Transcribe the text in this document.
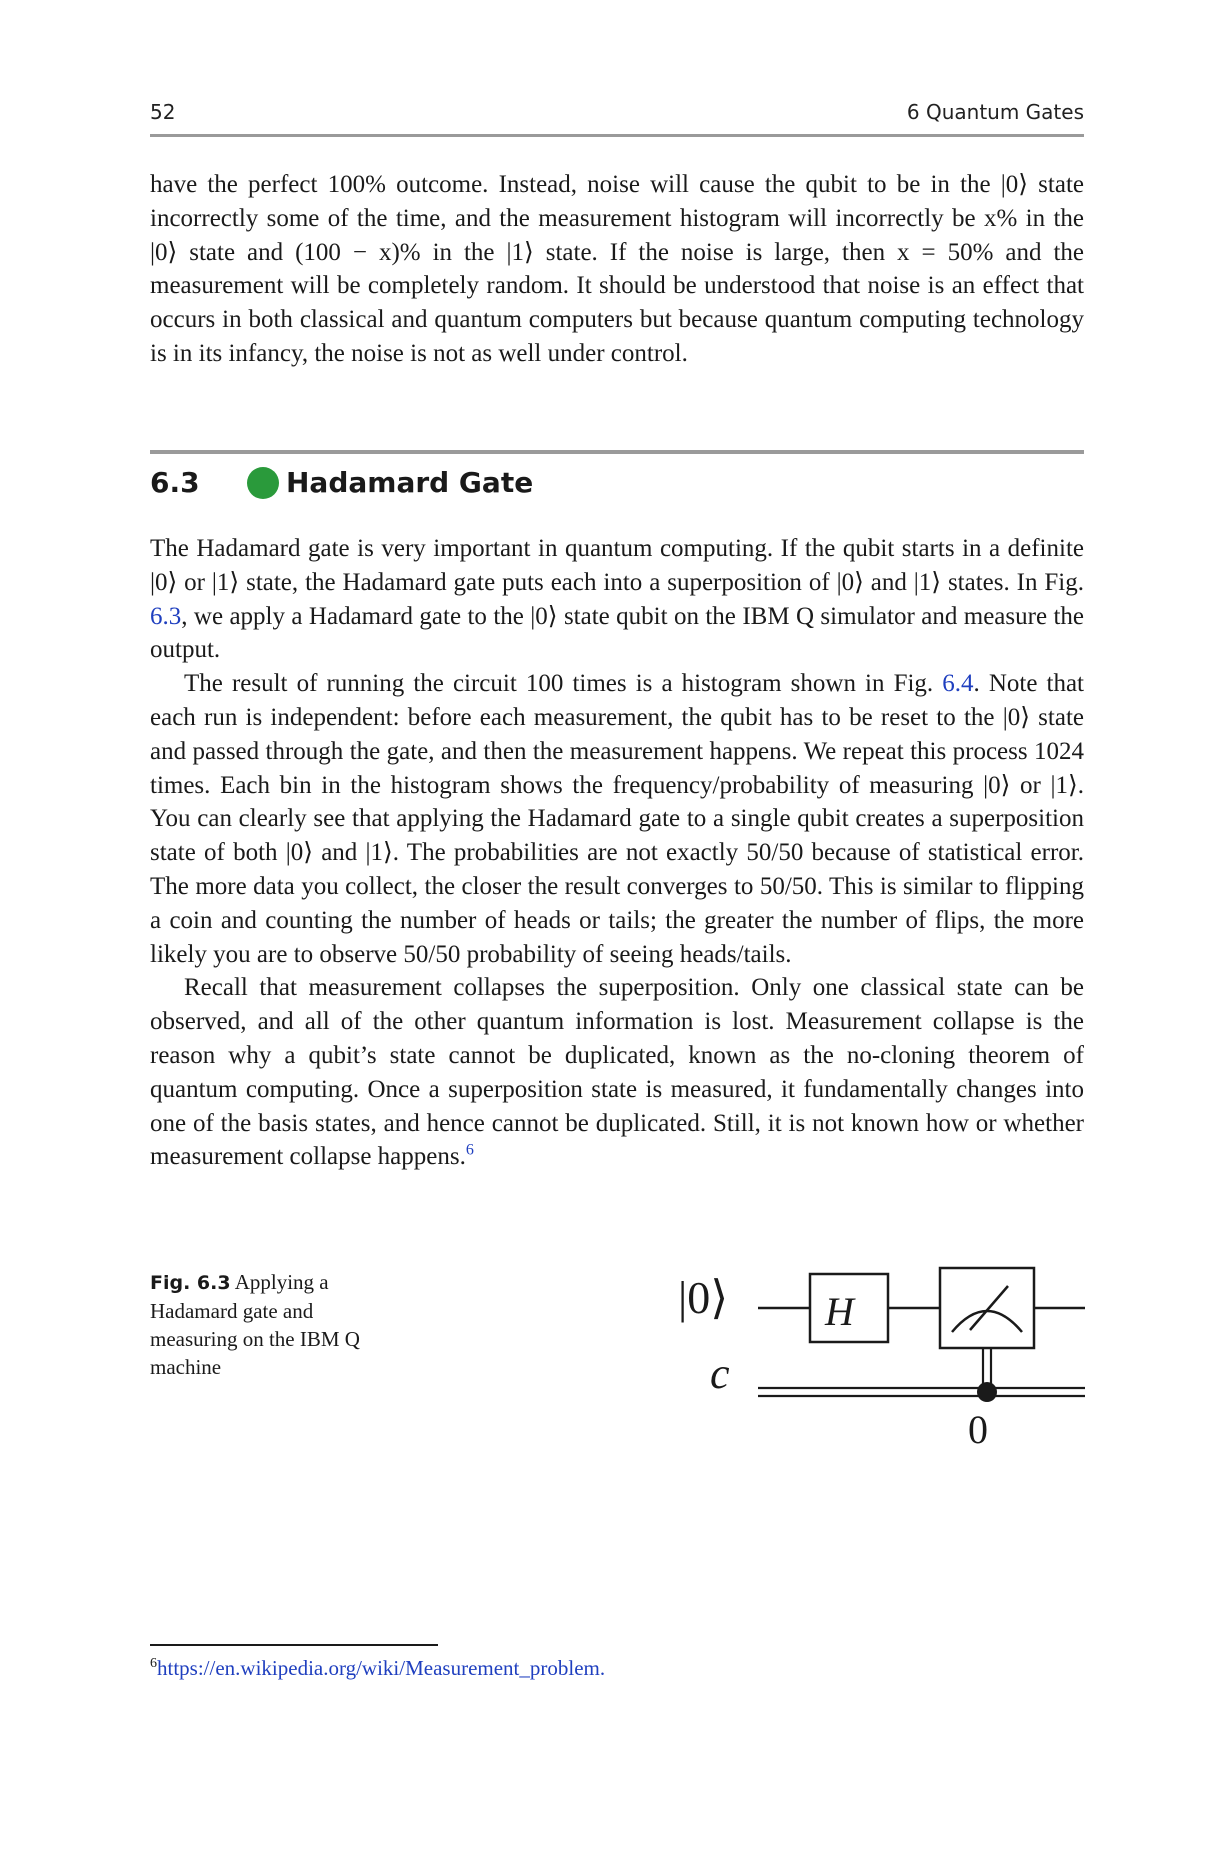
52	6 Quantum Gates

have the perfect 100% outcome. Instead, noise will cause the qubit to be in the |0⟩ state incorrectly some of the time, and the measurement histogram will incorrectly be x% in the |0⟩ state and (100 − x)% in the |1⟩ state. If the noise is large, then x = 50% and the measurement will be completely random. It should be understood that noise is an effect that occurs in both classical and quantum computers but because quantum computing technology is in its infancy, the noise is not as well under control.

6.3	Hadamard Gate

The Hadamard gate is very important in quantum computing. If the qubit starts in a definite |0⟩ or |1⟩ state, the Hadamard gate puts each into a superposition of |0⟩ and |1⟩ states. In Fig. 6.3, we apply a Hadamard gate to the |0⟩ state qubit on the IBM Q simulator and measure the output.

The result of running the circuit 100 times is a histogram shown in Fig. 6.4. Note that each run is independent: before each measurement, the qubit has to be reset to the |0⟩ state and passed through the gate, and then the measurement happens. We repeat this process 1024 times. Each bin in the histogram shows the frequency/probability of measuring |0⟩ or |1⟩. You can clearly see that applying the Hadamard gate to a single qubit creates a superposition state of both |0⟩ and |1⟩. The probabilities are not exactly 50/50 because of statistical error. The more data you collect, the closer the result converges to 50/50. This is similar to flipping a coin and counting the number of heads or tails; the greater the number of flips, the more likely you are to observe 50/50 probability of seeing heads/tails.

Recall that measurement collapses the superposition. Only one classical state can be observed, and all of the other quantum information is lost. Measurement collapse is the reason why a qubit’s state cannot be duplicated, known as the no-cloning theorem of quantum computing. Once a superposition state is measured, it fundamentally changes into one of the basis states, and hence cannot be duplicated. Still, it is not known how or whether measurement collapse happens.$^6$

Fig. 6.3 Applying a Hadamard gate and measuring on the IBM Q machine
|0⟩
c
H
0
$^6$https://en.wikipedia.org/wiki/Measurement_problem.
